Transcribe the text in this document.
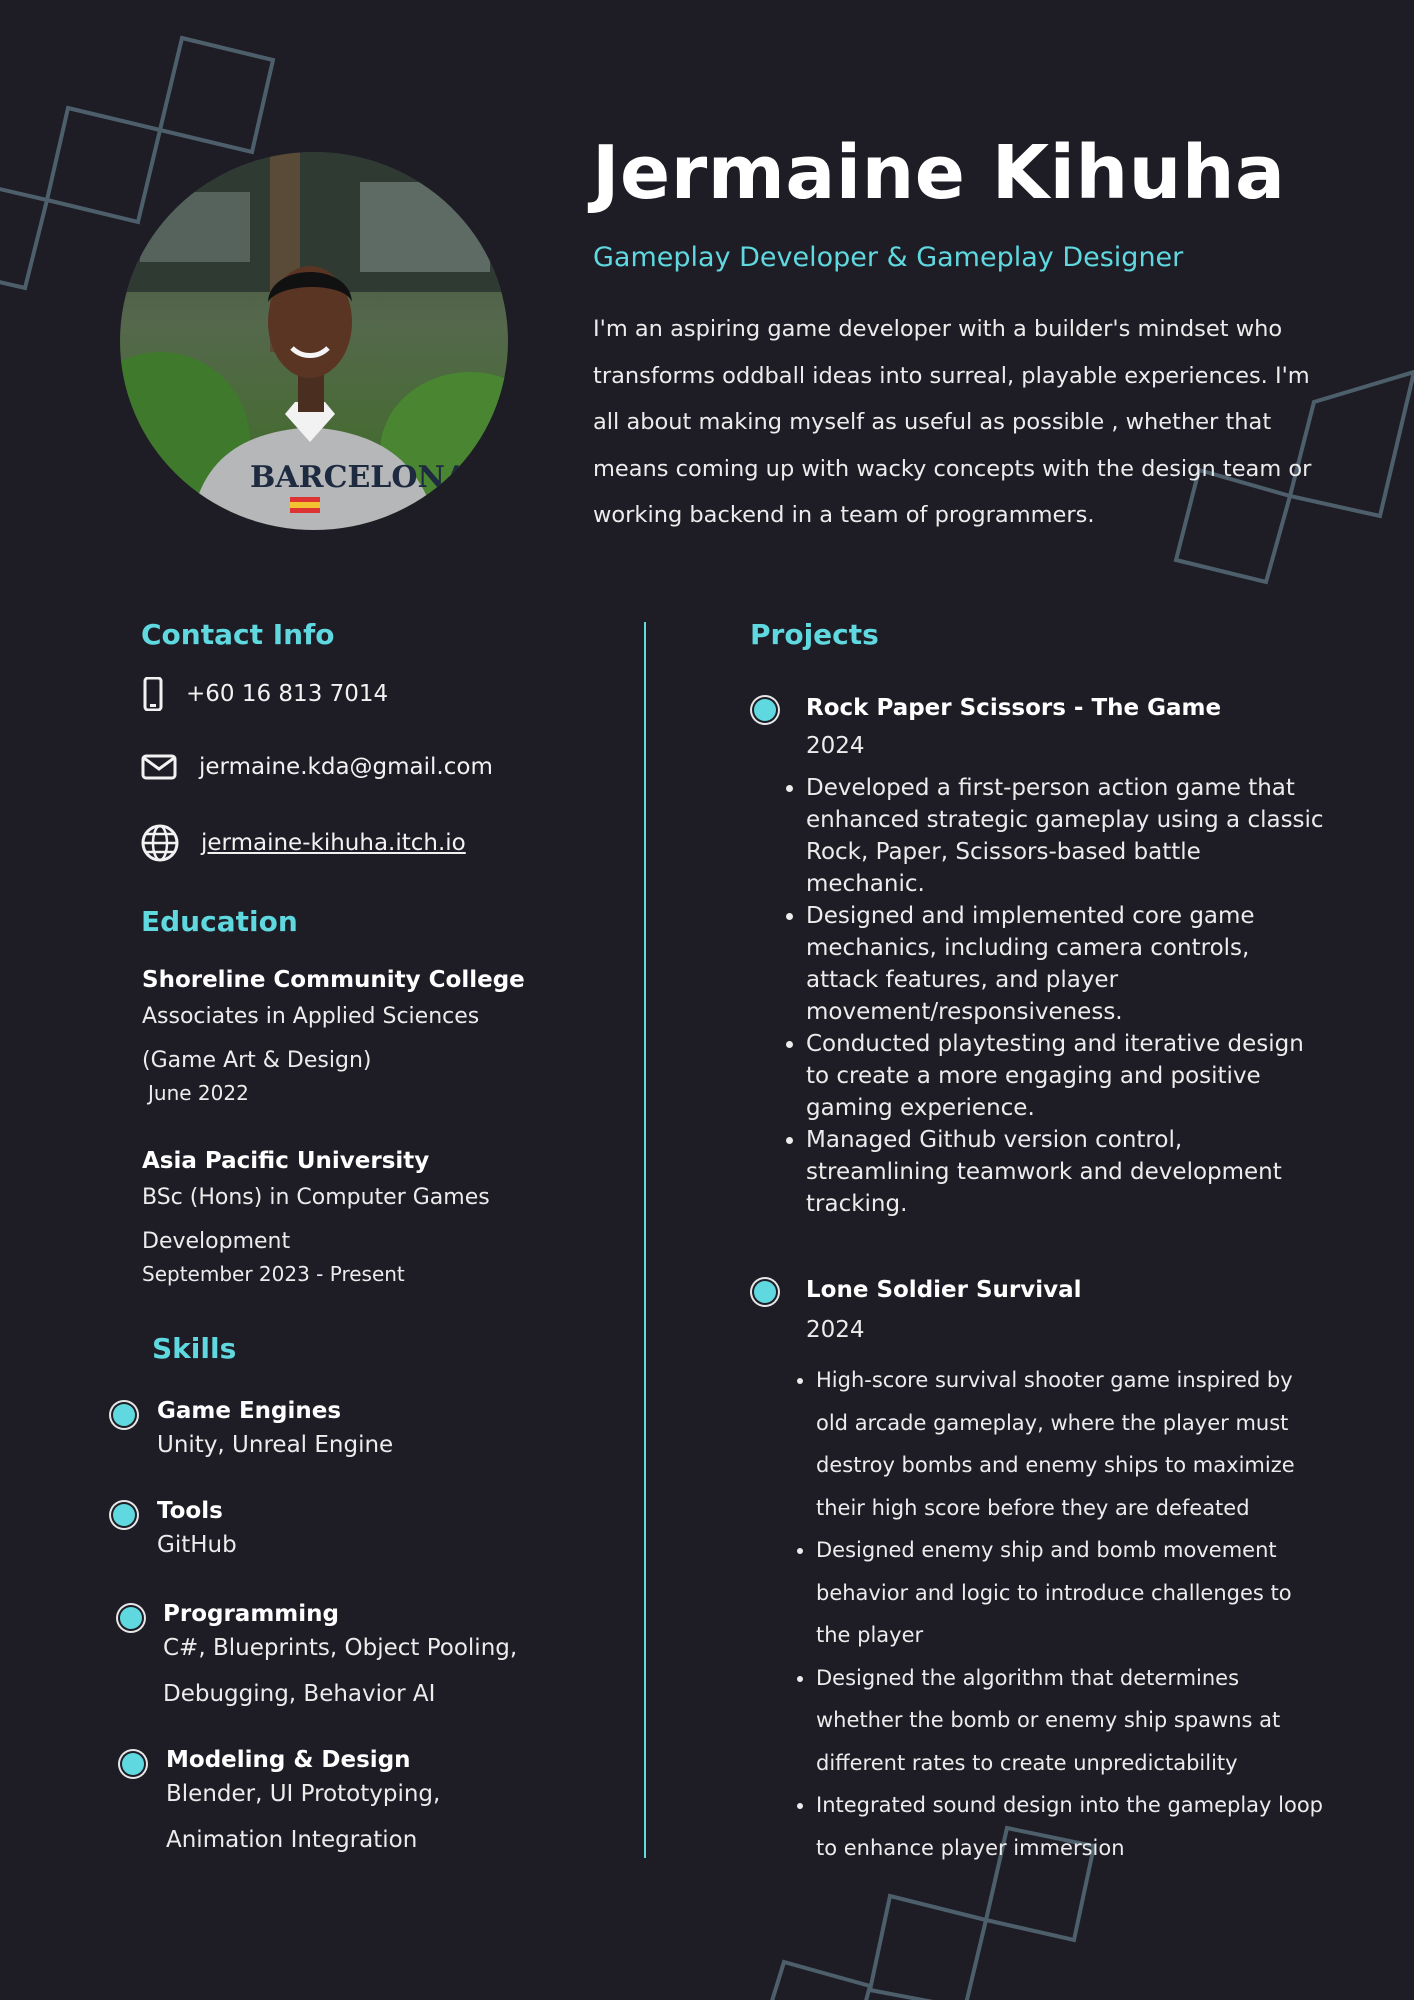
BARCELONA
Jermaine Kihuha
Gameplay Developer & Gameplay Designer

I'm an aspiring game developer with a builder's mindset who transforms oddball ideas into surreal, playable experiences. I'm all about making myself as useful as possible , whether that means coming up with wacky concepts with the design team or working backend in a team of programmers.

Contact Info
+60 16 813 7014
jermaine.kda@gmail.com
jermaine-kihuha.itch.io
Education
Shoreline Community College
Associates in Applied Sciences (Game Art & Design)
June 2022
Asia Pacific University
BSc (Hons) in Computer Games Development
September 2023 - Present
Skills
Game Engines
Unity, Unreal Engine
Tools
GitHub
Programming
C#, Blueprints, Object Pooling, Debugging, Behavior AI
Modeling & Design
Blender, UI Prototyping, Animation Integration
Projects
Rock Paper Scissors - The Game
2024
• Developed a first-person action game that enhanced strategic gameplay using a classic Rock, Paper, Scissors-based battle mechanic.
• Designed and implemented core game mechanics, including camera controls, attack features, and player movement/responsiveness.
• Conducted playtesting and iterative design to create a more engaging and positive gaming experience.
• Managed Github version control, streamlining teamwork and development tracking.
Lone Soldier Survival
2024
• High-score survival shooter game inspired by old arcade gameplay, where the player must destroy bombs and enemy ships to maximize their high score before they are defeated
• Designed enemy ship and bomb movement behavior and logic to introduce challenges to the player
• Designed the algorithm that determines whether the bomb or enemy ship spawns at different rates to create unpredictability
• Integrated sound design into the gameplay loop to enhance player immersion
